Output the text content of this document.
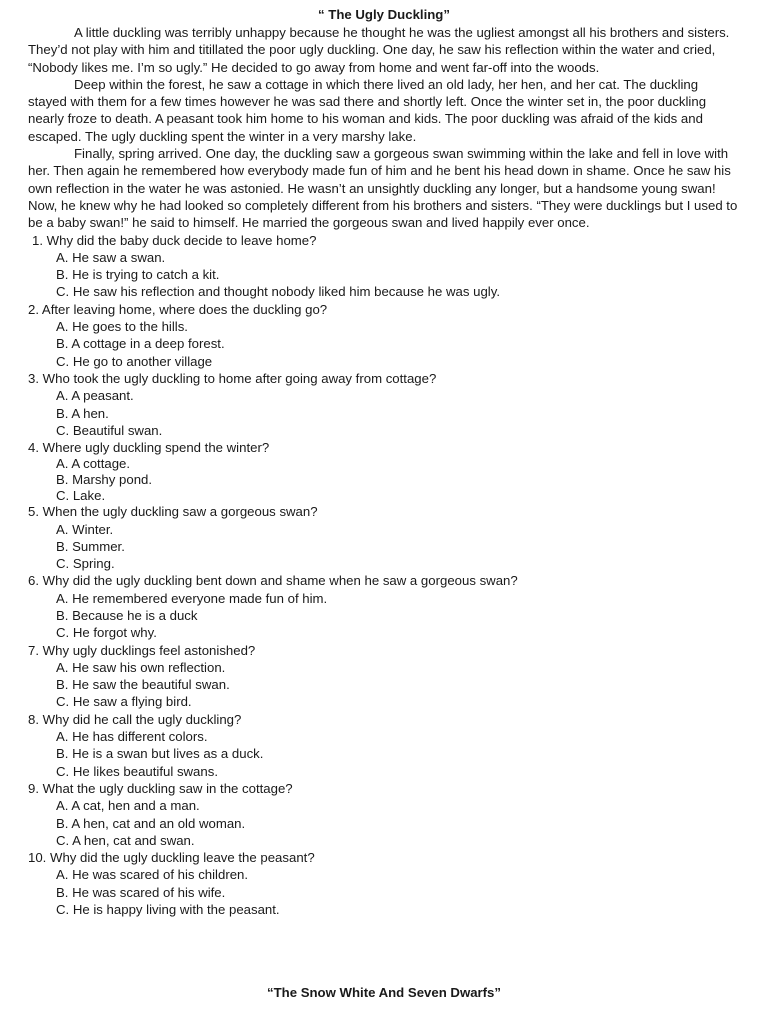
“ The Ugly Duckling”

A little duckling was terribly unhappy because he thought he was the ugliest amongst all his brothers and sisters. They’d not play with him and titillated the poor ugly duckling. One day, he saw his reflection within the water and cried, “Nobody likes me. I’m so ugly.” He decided to go away from home and went far-off into the woods.

Deep within the forest, he saw a cottage in which there lived an old lady, her hen, and her cat. The duckling stayed with them for a few times however he was sad there and shortly left. Once the winter set in, the poor duckling nearly froze to death. A peasant took him home to his woman and kids. The poor duckling was afraid of the kids and escaped. The ugly duckling spent the winter in a very marshy lake.

Finally, spring arrived. One day, the duckling saw a gorgeous swan swimming within the lake and fell in love with her. Then again he remembered how everybody made fun of him and he bent his head down in shame. Once he saw his own reflection in the water he was astonied. He wasn’t an unsightly duckling any longer, but a handsome young swan! Now, he knew why he had looked so completely different from his brothers and sisters. “They were ducklings but I used to be a baby swan!” he said to himself. He married the gorgeous swan and lived happily ever once.

1. Why did the baby duck decide to leave home?
A. He saw a swan.
B. He is trying to catch a kit.
C. He saw his reflection and thought nobody liked him because he was ugly.
2. After leaving home, where does the duckling go?
A. He goes to the hills.
B. A cottage in a deep forest.
C. He go to another village
3. Who took the ugly duckling to home after going away from cottage?
A. A peasant.
B. A hen.
C. Beautiful swan.
4. Where ugly duckling spend the winter?
A. A cottage.
B. Marshy pond.
C. Lake.
5. When the ugly duckling saw a gorgeous swan?
A. Winter.
B. Summer.
C. Spring.
6. Why did the ugly duckling bent down and shame when he saw a gorgeous swan?
A. He remembered everyone made fun of him.
B. Because he is a duck
C. He forgot why.
7. Why ugly ducklings feel astonished?
A. He saw his own reflection.
B. He saw the beautiful swan.
C. He saw a flying bird.
8. Why did he call the ugly duckling?
A. He has different colors.
B. He is a swan but lives as a duck.
C. He likes beautiful swans.
9. What the ugly duckling saw in the cottage?
A. A cat, hen and a man.
B. A hen, cat and an old woman.
C. A hen, cat and swan.
10. Why did the ugly duckling leave the peasant?
A. He was scared of his children.
B. He was scared of his wife.
C. He is happy living with the peasant.
“The Snow White And Seven Dwarfs”
